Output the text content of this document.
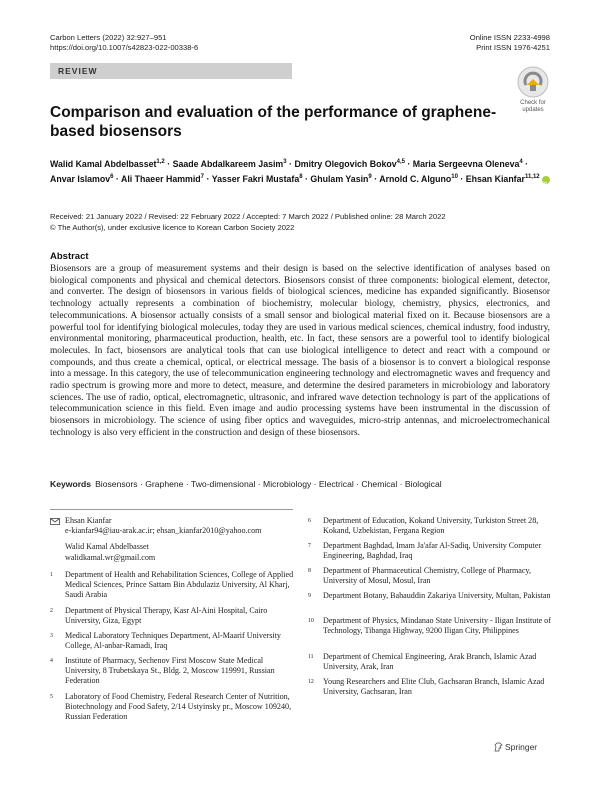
Carbon Letters (2022) 32:927–951
https://doi.org/10.1007/s42823-022-00338-6
Online ISSN 2233-4998
Print ISSN 1976-4251
REVIEW
Check for
updates
Comparison and evaluation of the performance of graphene-based biosensors
Walid Kamal Abdelbasset$^{1,2}$ · Saade Abdalkareem Jasim$^3$ · Dmitry Olegovich Bokov$^{4,5}$ · Maria Sergeevna Oleneva$^4$ · Anvar Islamov$^6$ · Ali Thaeer Hammid$^7$ · Yasser Fakri Mustafa$^8$ · Ghulam Yasin$^9$ · Arnold C. Alguno$^{10}$ · Ehsan Kianfar$^{11,12}$iD
Received: 21 January 2022 / Revised: 22 February 2022 / Accepted: 7 March 2022 / Published online: 28 March 2022
© The Author(s), under exclusive licence to Korean Carbon Society 2022
Abstract
Biosensors are a group of measurement systems and their design is based on the selective identification of analyses based on biological components and physical and chemical detectors. Biosensors consist of three components: biological element, detector, and converter. The design of biosensors in various fields of biological sciences, medicine has expanded significantly. Biosensor technology actually represents a combination of biochemistry, molecular biology, chemistry, physics, electronics, and telecommunications. A biosensor actually consists of a small sensor and biological material fixed on it. Because biosensors are a powerful tool for identifying biological molecules, today they are used in various medical sciences, chemical industry, food industry, environmental monitoring, pharmaceutical production, health, etc. In fact, these sensors are a powerful tool to identify biological molecules. In fact, biosensors are analytical tools that can use biological intelligence to detect and react with a compound or compounds, and thus create a chemical, optical, or electrical message. The basis of a biosensor is to convert a biological response into a message. In this category, the use of telecommunication engineering technology and electromagnetic waves and frequency and radio spectrum is growing more and more to detect, measure, and determine the desired parameters in microbiology and laboratory sciences. The use of radio, optical, electromagnetic, ultrasonic, and infrared wave detection technology is part of the applications of telecommunication science in this field. Even image and audio processing systems have been instrumental in the discussion of biosensors in microbiology. The science of using fiber optics and waveguides, micro-strip antennas, and microelectromechanical technology is also very efficient in the construction and design of these biosensors.
Keywords Biosensors · Graphene · Two-dimensional · Microbiology · Electrical · Chemical · Biological
Ehsan Kianfar
e-kianfar94@iau-arak.ac.ir; ehsan_kianfar2010@yahoo.com
Walid Kamal Abdelbasset
walidkamal.wr@gmail.com
1 Department of Health and Rehabilitation Sciences, College of Applied Medical Sciences, Prince Sattam Bin Abdulaziz University, Al Kharj, Saudi Arabia
2 Department of Physical Therapy, Kasr Al-Aini Hospital, Cairo University, Giza, Egypt
3 Medical Laboratory Techniques Department, Al-Maarif University College, Al-anbar-Ramadi, Iraq
4 Institute of Pharmacy, Sechenov First Moscow State Medical University, 8 Trubetskaya St., Bldg. 2, Moscow 119991, Russian Federation
5 Laboratory of Food Chemistry, Federal Research Center of Nutrition, Biotechnology and Food Safety, 2/14 Ustyinsky pr., Moscow 109240, Russian Federation
6 Department of Education, Kokand University, Turkiston Street 28, Kokand, Uzbekistan, Fergana Region
7 Department Baghdad, Imam Ja'afar Al-Sadiq, University Computer Engineering, Baghdad, Iraq
8 Department of Pharmaceutical Chemistry, College of Pharmacy, University of Mosul, Mosul, Iran
9 Department Botany, Bahauddin Zakariya University, Multan, Pakistan
10 Department of Physics, Mindanao State University - Iligan Institute of Technology, Tibanga Highway, 9200 Iligan City, Philippines
11 Department of Chemical Engineering, Arak Branch, Islamic Azad University, Arak, Iran
12 Young Researchers and Elite Club, Gachsaran Branch, Islamic Azad University, Gachsaran, Iran
Springer
